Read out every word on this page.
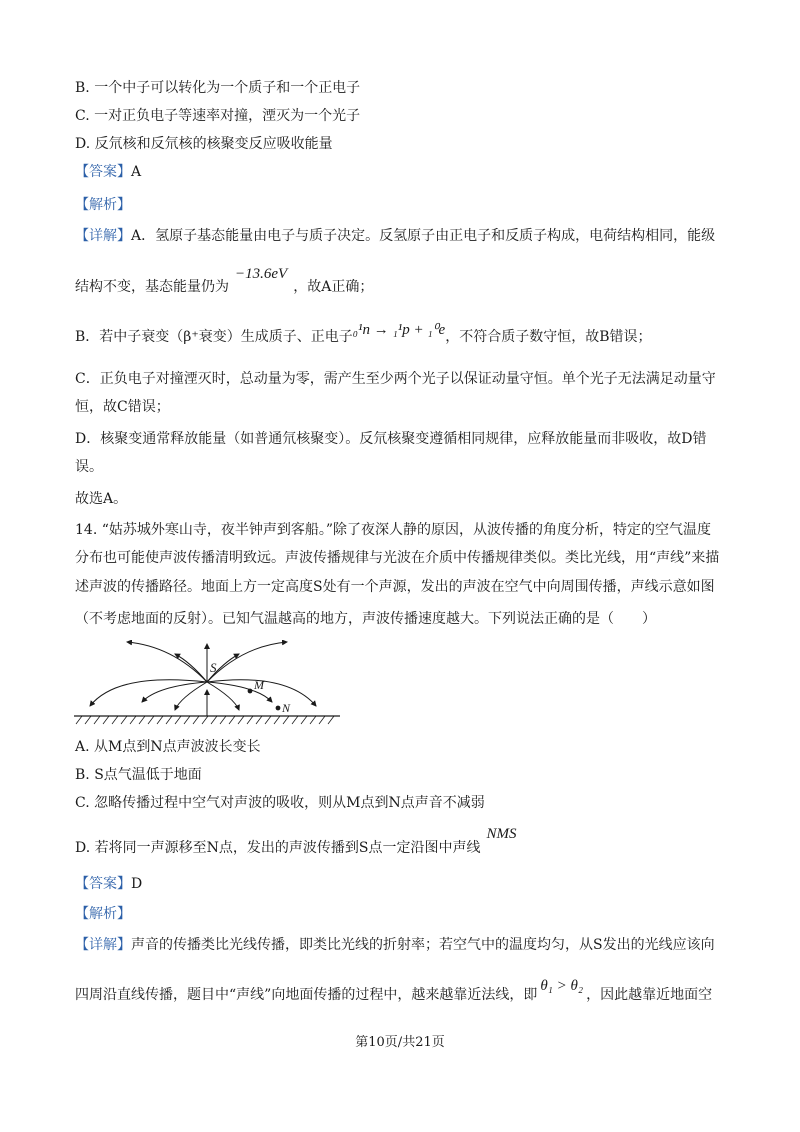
B. 一个中子可以转化为一个质子和一个正电子
C. 一对正负电子等速率对撞，湮灭为一个光子
D. 反氘核和反氘核的核聚变反应吸收能量
【答案】A
【解析】
【详解】A．氢原子基态能量由电子与质子决定。反氢原子由正电子和反质子构成，电荷结构相同，能级
结构不变，基态能量仍为−13.6eV，故A正确；
B．若中子衰变（β⁺衰变）生成质子、正电子₀¹n → ₁¹p + ₁⁰e，不符合质子数守恒，故B错误；
C．正负电子对撞湮灭时，总动量为零，需产生至少两个光子以保证动量守恒。单个光子无法满足动量守
恒，故C错误；
D．核聚变通常释放能量（如普通氘核聚变）。反氘核聚变遵循相同规律，应释放能量而非吸收，故D错
误。
故选A。
14. “姑苏城外寒山寺，夜半钟声到客船。”除了夜深人静的原因，从波传播的角度分析，特定的空气温度
分布也可能使声波传播清明致远。声波传播规律与光波在介质中传播规律类似。类比光线，用“声线”来描
述声波的传播路径。地面上方一定高度S处有一个声源，发出的声波在空气中向周围传播，声线示意如图
（不考虑地面的反射）。已知气温越高的地方，声波传播速度越大。下列说法正确的是（　　）
S
M
N
A. 从M点到N点声波波长变长
B. S点气温低于地面
C. 忽略传播过程中空气对声波的吸收，则从M点到N点声音不减弱
D. 若将同一声源移至N点，发出的声波传播到S点一定沿图中声线NMS
【答案】D
【解析】
【详解】声音的传播类比光线传播，即类比光线的折射率；若空气中的温度均匀，从S发出的光线应该向
四周沿直线传播，题目中“声线”向地面传播的过程中，越来越靠近法线，即θ₁ > θ₂，因此越靠近地面空
第10页/共21页
